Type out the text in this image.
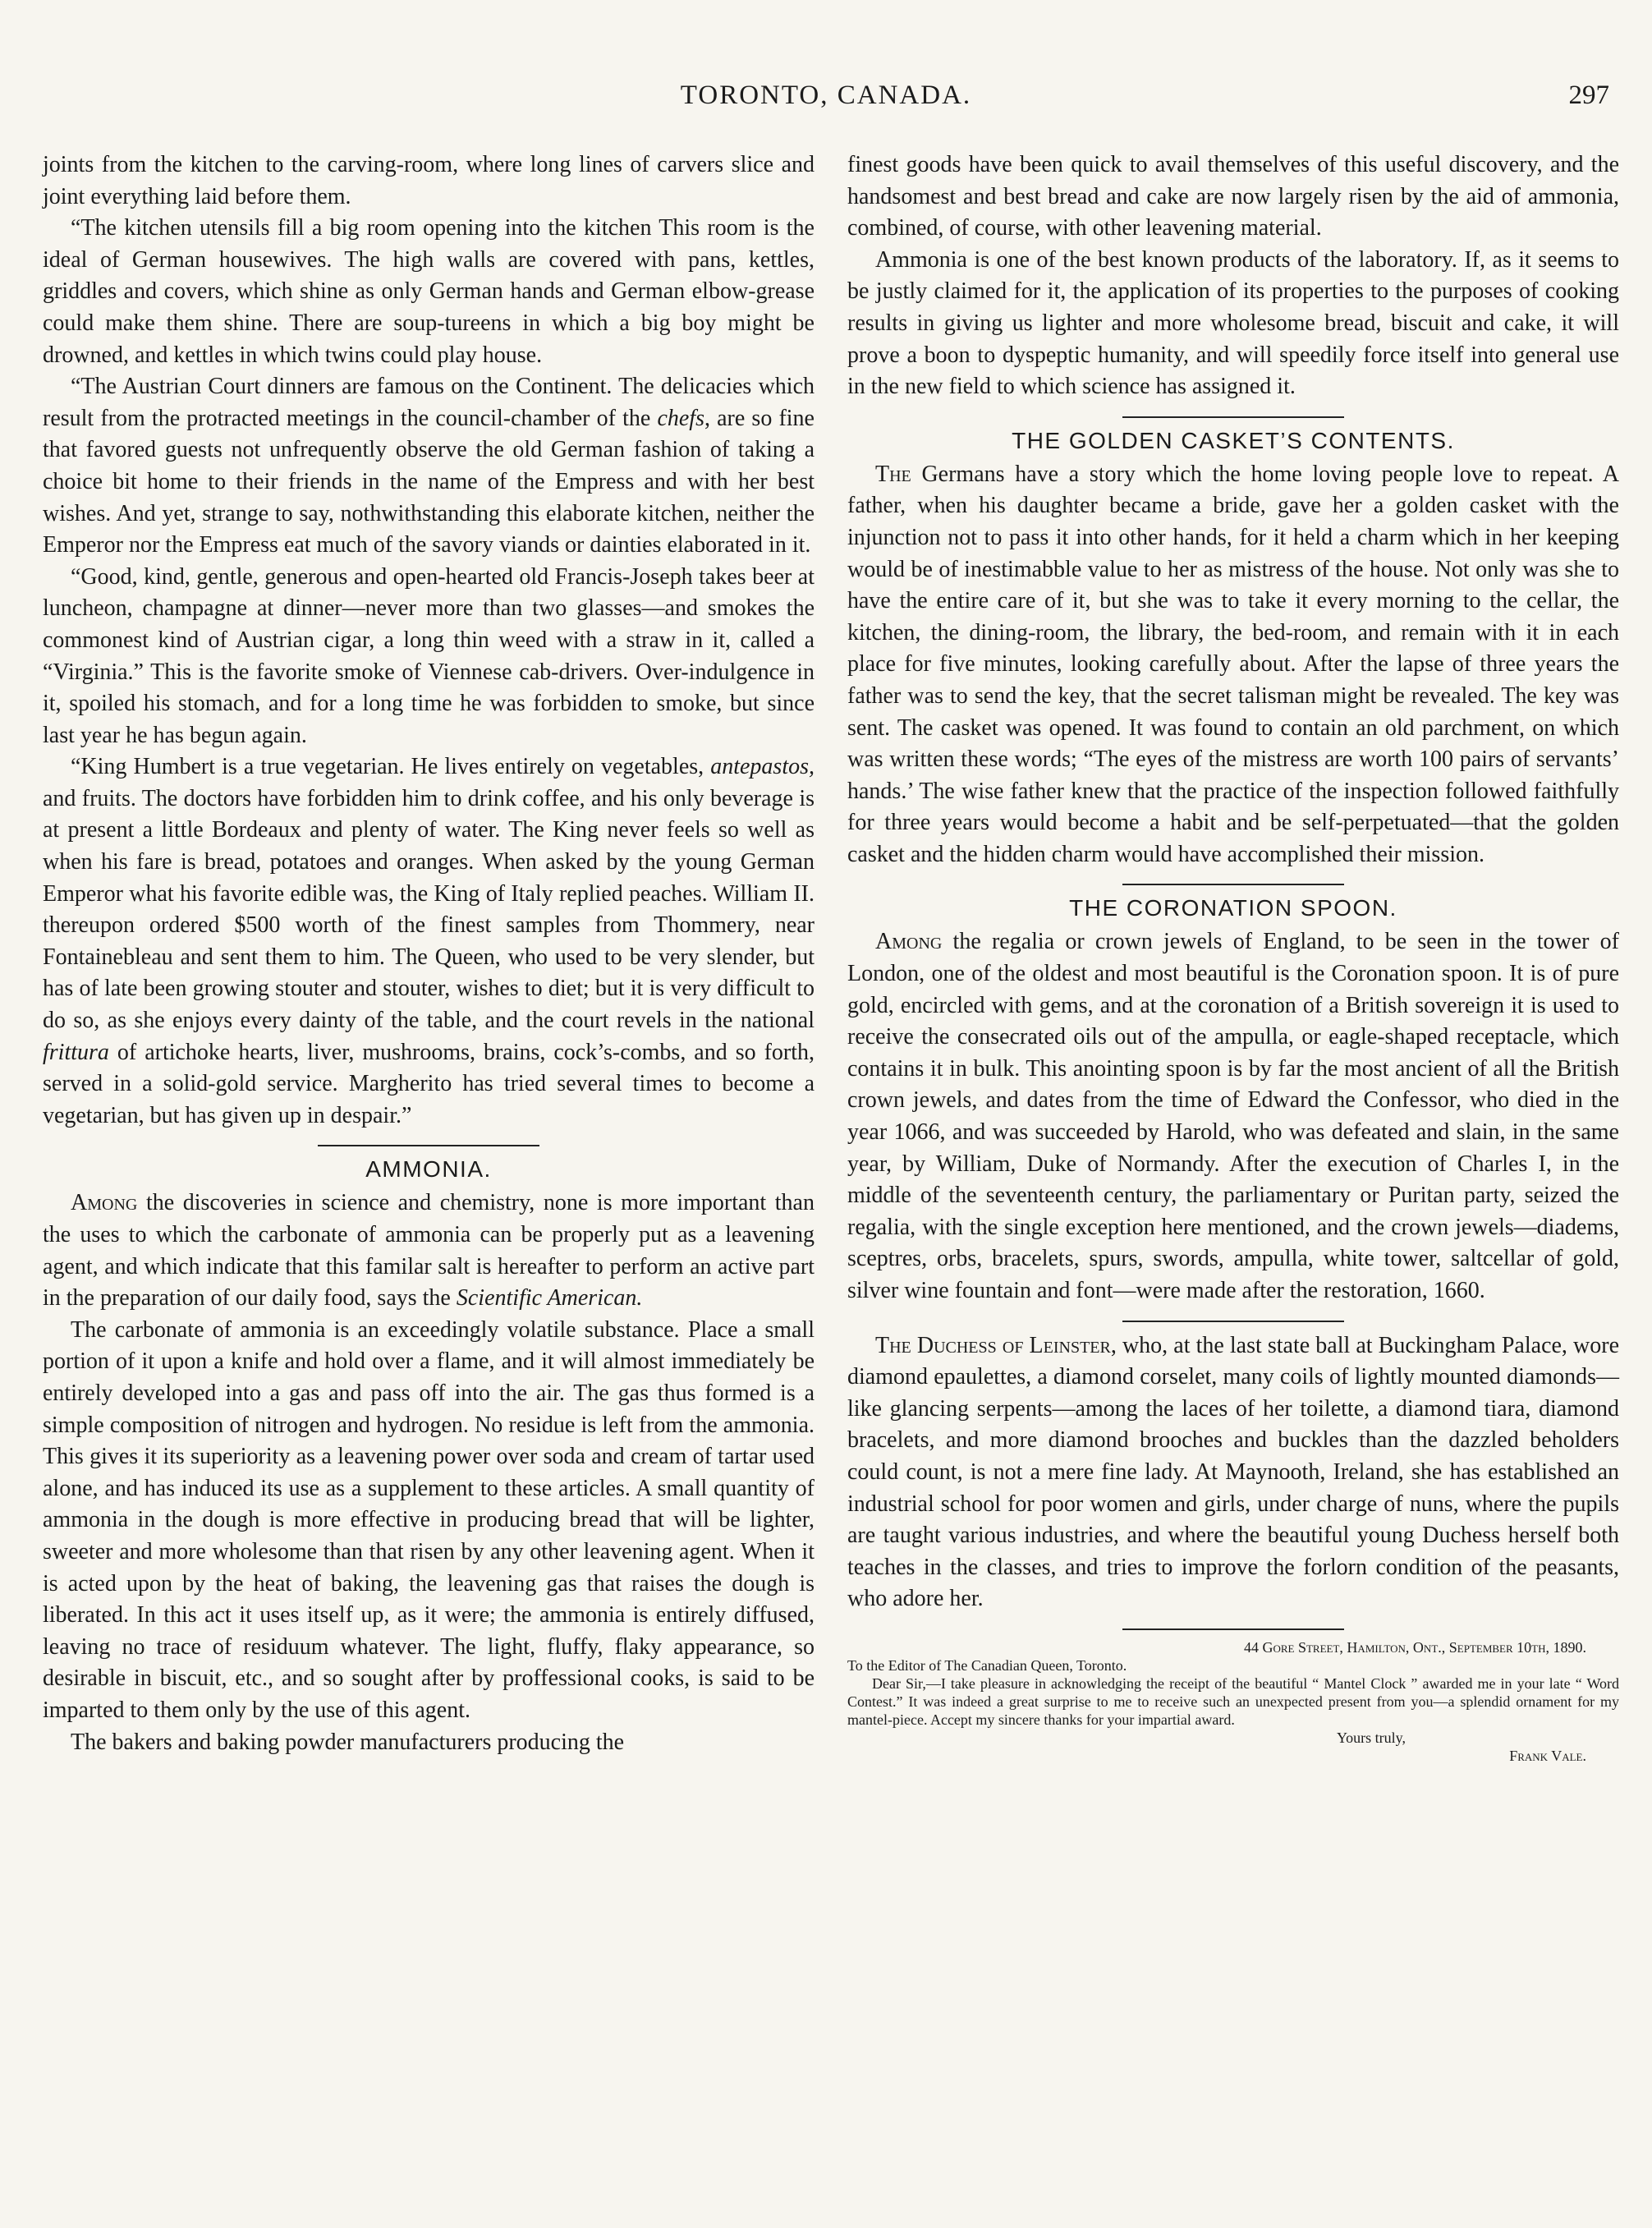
TORONTO, CANADA.	297

joints from the kitchen to the carving-room, where long lines of carvers slice and joint everything laid before them.

“The kitchen utensils fill a big room opening into the kitchen This room is the ideal of German housewives. The high walls are covered with pans, kettles, griddles and covers, which shine as only German hands and German elbow-grease could make them shine. There are soup-tureens in which a big boy might be drowned, and kettles in which twins could play house.

“The Austrian Court dinners are famous on the Continent. The delicacies which result from the protracted meetings in the council-chamber of the chefs, are so fine that favored guests not unfrequently observe the old German fashion of taking a choice bit home to their friends in the name of the Empress and with her best wishes. And yet, strange to say, nothwithstanding this elaborate kitchen, neither the Emperor nor the Empress eat much of the savory viands or dainties elaborated in it.

“Good, kind, gentle, generous and open-hearted old Francis-Joseph takes beer at luncheon, champagne at dinner—never more than two glasses—and smokes the commonest kind of Austrian cigar, a long thin weed with a straw in it, called a “Virginia.” This is the favorite smoke of Viennese cab-drivers. Over-indulgence in it, spoiled his stomach, and for a long time he was forbidden to smoke, but since last year he has begun again.

“King Humbert is a true vegetarian. He lives entirely on vegetables, antepastos, and fruits. The doctors have forbidden him to drink coffee, and his only beverage is at present a little Bordeaux and plenty of water. The King never feels so well as when his fare is bread, potatoes and oranges. When asked by the young German Emperor what his favorite edible was, the King of Italy replied peaches. William II. thereupon ordered $500 worth of the finest samples from Thommery, near Fontainebleau and sent them to him. The Queen, who used to be very slender, but has of late been growing stouter and stouter, wishes to diet; but it is very difficult to do so, as she enjoys every dainty of the table, and the court revels in the national frittura of artichoke hearts, liver, mushrooms, brains, cock’s-combs, and so forth, served in a solid-gold service. Margherito has tried several times to become a vegetarian, but has given up in despair.”

AMMONIA.

Among the discoveries in science and chemistry, none is more important than the uses to which the carbonate of ammonia can be properly put as a leavening agent, and which indicate that this familar salt is hereafter to perform an active part in the preparation of our daily food, says the Scientific American.

The carbonate of ammonia is an exceedingly volatile substance. Place a small portion of it upon a knife and hold over a flame, and it will almost immediately be entirely developed into a gas and pass off into the air. The gas thus formed is a simple composition of nitrogen and hydrogen. No residue is left from the ammonia. This gives it its superiority as a leavening power over soda and cream of tartar used alone, and has induced its use as a supplement to these articles. A small quantity of ammonia in the dough is more effective in producing bread that will be lighter, sweeter and more wholesome than that risen by any other leavening agent. When it is acted upon by the heat of baking, the leavening gas that raises the dough is liberated. In this act it uses itself up, as it were; the ammonia is entirely diffused, leaving no trace of residuum whatever. The light, fluffy, flaky appearance, so desirable in biscuit, etc., and so sought after by proffessional cooks, is said to be imparted to them only by the use of this agent.

The bakers and baking powder manufacturers producing the

finest goods have been quick to avail themselves of this useful discovery, and the handsomest and best bread and cake are now largely risen by the aid of ammonia, combined, of course, with other leavening material.

Ammonia is one of the best known products of the laboratory. If, as it seems to be justly claimed for it, the application of its properties to the purposes of cooking results in giving us lighter and more wholesome bread, biscuit and cake, it will prove a boon to dyspeptic humanity, and will speedily force itself into general use in the new field to which science has assigned it.

THE GOLDEN CASKET’S CONTENTS.

The Germans have a story which the home loving people love to repeat. A father, when his daughter became a bride, gave her a golden casket with the injunction not to pass it into other hands, for it held a charm which in her keeping would be of inestimabble value to her as mistress of the house. Not only was she to have the entire care of it, but she was to take it every morning to the cellar, the kitchen, the dining-room, the library, the bed-room, and remain with it in each place for five minutes, looking carefully about. After the lapse of three years the father was to send the key, that the secret talisman might be revealed. The key was sent. The casket was opened. It was found to contain an old parchment, on which was written these words; “The eyes of the mistress are worth 100 pairs of servants’ hands.’ The wise father knew that the practice of the inspection followed faithfully for three years would become a habit and be self-perpetuated—that the golden casket and the hidden charm would have accomplished their mission.

THE CORONATION SPOON.

Among the regalia or crown jewels of England, to be seen in the tower of London, one of the oldest and most beautiful is the Coronation spoon. It is of pure gold, encircled with gems, and at the coronation of a British sovereign it is used to receive the consecrated oils out of the ampulla, or eagle-shaped receptacle, which contains it in bulk. This anointing spoon is by far the most ancient of all the British crown jewels, and dates from the time of Edward the Confessor, who died in the year 1066, and was succeeded by Harold, who was defeated and slain, in the same year, by William, Duke of Normandy. After the execution of Charles I, in the middle of the seventeenth century, the parliamentary or Puritan party, seized the regalia, with the single exception here mentioned, and the crown jewels—diadems, sceptres, orbs, bracelets, spurs, swords, ampulla, white tower, saltcellar of gold, silver wine fountain and font—were made after the restoration, 1660.

The Duchess of Leinster, who, at the last state ball at Buckingham Palace, wore diamond epaulettes, a diamond corselet, many coils of lightly mounted diamonds—like glancing serpents—among the laces of her toilette, a diamond tiara, diamond bracelets, and more diamond brooches and buckles than the dazzled beholders could count, is not a mere fine lady. At Maynooth, Ireland, she has established an industrial school for poor women and girls, under charge of nuns, where the pupils are taught various industries, and where the beautiful young Duchess herself both teaches in the classes, and tries to improve the forlorn condition of the peasants, who adore her.

44 Gore Street, Hamilton, Ont., September 10th, 1890.
To the Editor of The Canadian Queen, Toronto.

Dear Sir,—I take pleasure in acknowledging the receipt of the beautiful “ Mantel Clock ” awarded me in your late “ Word Contest.” It was indeed a great surprise to me to receive such an unexpected present from you—a splendid ornament for my mantel-piece. Accept my sincere thanks for your impartial award.

Yours truly,
Frank Vale.
